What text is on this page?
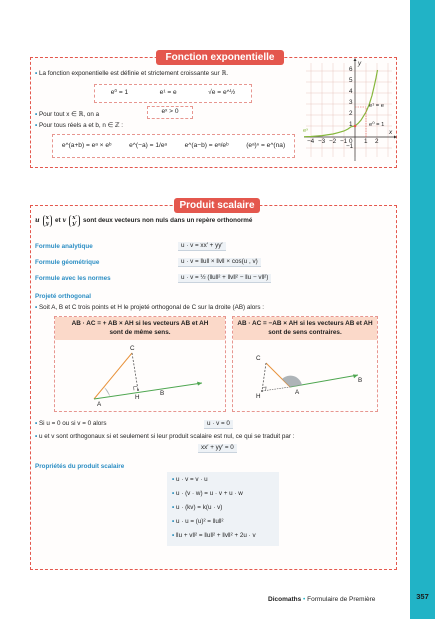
357
Fonction exponentielle
• La fonction exponentielle est définie et strictement croissante sur ℝ.
e⁰ = 1	e¹ = e	√e = e^½
• Pour tout x ∈ ℝ, on a	eˣ > 0
• Pour tous réels a et b, n ∈ ℤ :
e^(a+b) = eᵃ × eᵇ	e^(−a) = 1/eᵃ	e^(a−b) = eᵃ/eᵇ	(eᵃ)ⁿ = e^(na)
y
x
6
5
4
3
2
1
−1
−4 −3 −2 −1 0 1 2
eˣ
e¹ = e
e⁰ = 1
Produit scalaire
u x
y et v x′
y′ sont deux vecteurs non nuls dans un repère orthonormé
Formule analytique	u · v = xx′ + yy′
Formule géométrique	u · v = ‖u‖ × ‖v‖ × cos(u , v)
Formule avec les normes	u · v = ½ (‖u‖² + ‖v‖² − ‖u − v‖²)
Projeté orthogonal
• Soit A, B et C trois points et H le projeté orthogonal de C sur la droite (AB) alors :
AB · AC = + AB × AH si les vecteurs AB et AH
sont de même sens.
AB · AC = −AB × AH si les vecteurs AB et AH
sont de sens contraires.
A
C
H
B
C
H
A
B
• Si u = 0 ou si v = 0 alors	u · v = 0
• u et v sont orthogonaux si et seulement si leur produit scalaire est nul, ce qui se traduit par :
xx′ + yy′ = 0
Propriétés du produit scalaire
• u · v = v · u
• u · (v · w) = u · v + u · w
• u · (kv) = k(u · v)
• u · u = (u)² = ‖u‖²
• ‖u + v‖² = ‖u‖² + ‖v‖² + 2u · v
Dicomaths • Formulaire de Première
